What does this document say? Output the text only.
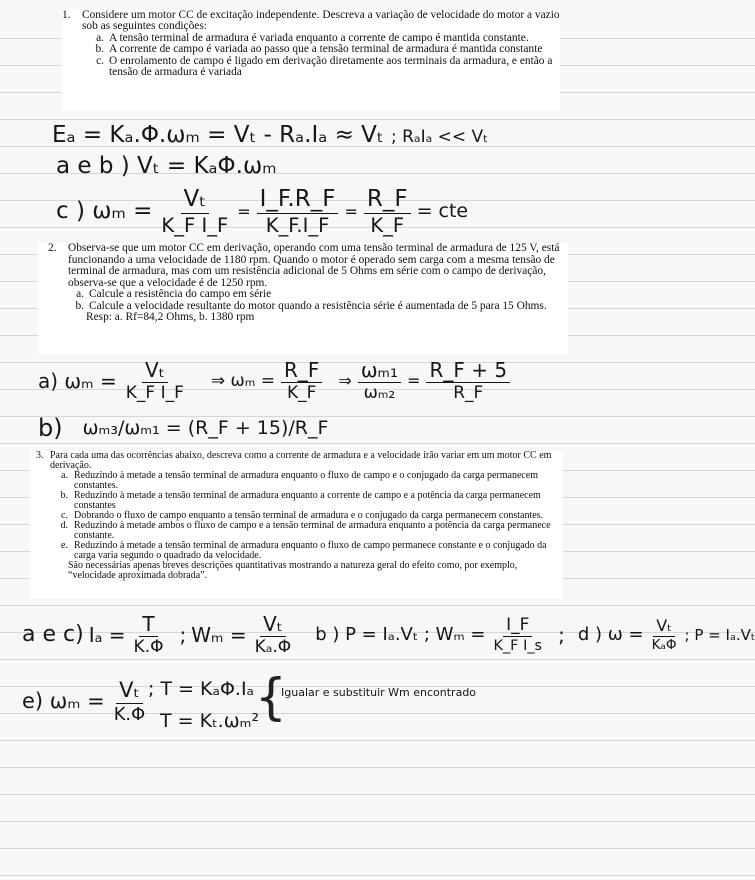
1.	Considere um motor CC de excitação independente. Descreva a variação de velocidade do motor a vazio sob as seguintes condições:
a. A tensão terminal de armadura é variada enquanto a corrente de campo é mantida constante.
b. A corrente de campo é variada ao passo que a tensão terminal de armadura é mantida constante
c. O enrolamento de campo é ligado em derivação diretamente aos terminais da armadura, e então a tensão de armadura é variada
Eₐ = Kₐ.Φ.ωₘ = Vₜ - Rₐ.Iₐ ≈ Vₜ ; RₐIₐ << Vₜ
a e b ) Vₜ = KₐΦ.ωₘ
c ) $\omega_m = \frac{\text{Vₜ}}{\text{K\_F I\_F}} = \frac{I\_F.R\_F}{K\_F.I\_F} = \frac{R\_F}{K\_F}$ = cte
2.	Observa-se que um motor CC em derivação, operando com uma tensão terminal de armadura de 125 V, está funcionando a uma velocidade de 1180 rpm. Quando o motor é operado sem carga com a mesma tensão de terminal de armadura, mas com um resistência adicional de 5 Ohms em série com o campo de derivação, observa-se que a velocidade é de 1250 rpm.
a. Calcule a resistência do campo em série
b. Calcule a velocidade resultante do motor quando a resistência série é aumentada de 5 para 15 Ohms.
Resp: a. Rf=84,2 Ohms, b. 1380 rpm
a) $\omega_m = \frac{\text{Vₜ}}{\text{K\_F I\_F}}$ ⇒ $\omega_m = \frac{R\_F}{K\_F}$ ⇒ $\frac{\text{ωₘ₁}}{\text{ωₘ₂}} = \frac{R\_F + 5}{R\_F}$
b) ωₘ₃/ωₘ₁ = (R_F + 15)/R_F
3. Para cada uma das ocorrências abaixo, descreva como a corrente de armadura e a velocidade irão variar em um motor CC em derivação.
a. Reduzindo à metade a tensão terminal de armadura enquanto o fluxo de campo e o conjugado da carga permanecem constantes.
b. Reduzindo à metade a tensão terminal de armadura enquanto a corrente de campo e a potência da carga permanecem constantes
c. Dobrando o fluxo de campo enquanto a tensão terminal de armadura e o conjugado da carga permanecem constantes.
d. Reduzindo à metade ambos o fluxo de campo e a tensão terminal de armadura enquanto a potência da carga permanece constante.
e. Reduzindo à metade a tensão terminal de armadura enquanto o fluxo de campo permanece constante e o conjugado da carga varia segundo o quadrado da velocidade.
São necessárias apenas breves descrições quantitativas mostrando a natureza geral do efeito como, por exemplo, “velocidade aproximada dobrada”.
a e c) $I_a = \frac{T}{K.\Phi}$ ; $W_m = \frac{\text{Vₜ}}{\text{Kₐ.Φ}}$ b ) P = Iₐ.Vₜ ; $W_m = \frac{I\_F}{\text{K\_F I\_s}}$ ; d ) $\omega = \frac{\text{Vₜ}}{\text{KₐΦ}}$ ; P = Iₐ.Vₜ
e) $\omega_m = \frac{\text{Vₜ}}{K.\Phi}$ ; T = KₐΦ.Iₐ
T = Kₜ.ωₘ²
{
Igualar e substituir Wm encontrado
